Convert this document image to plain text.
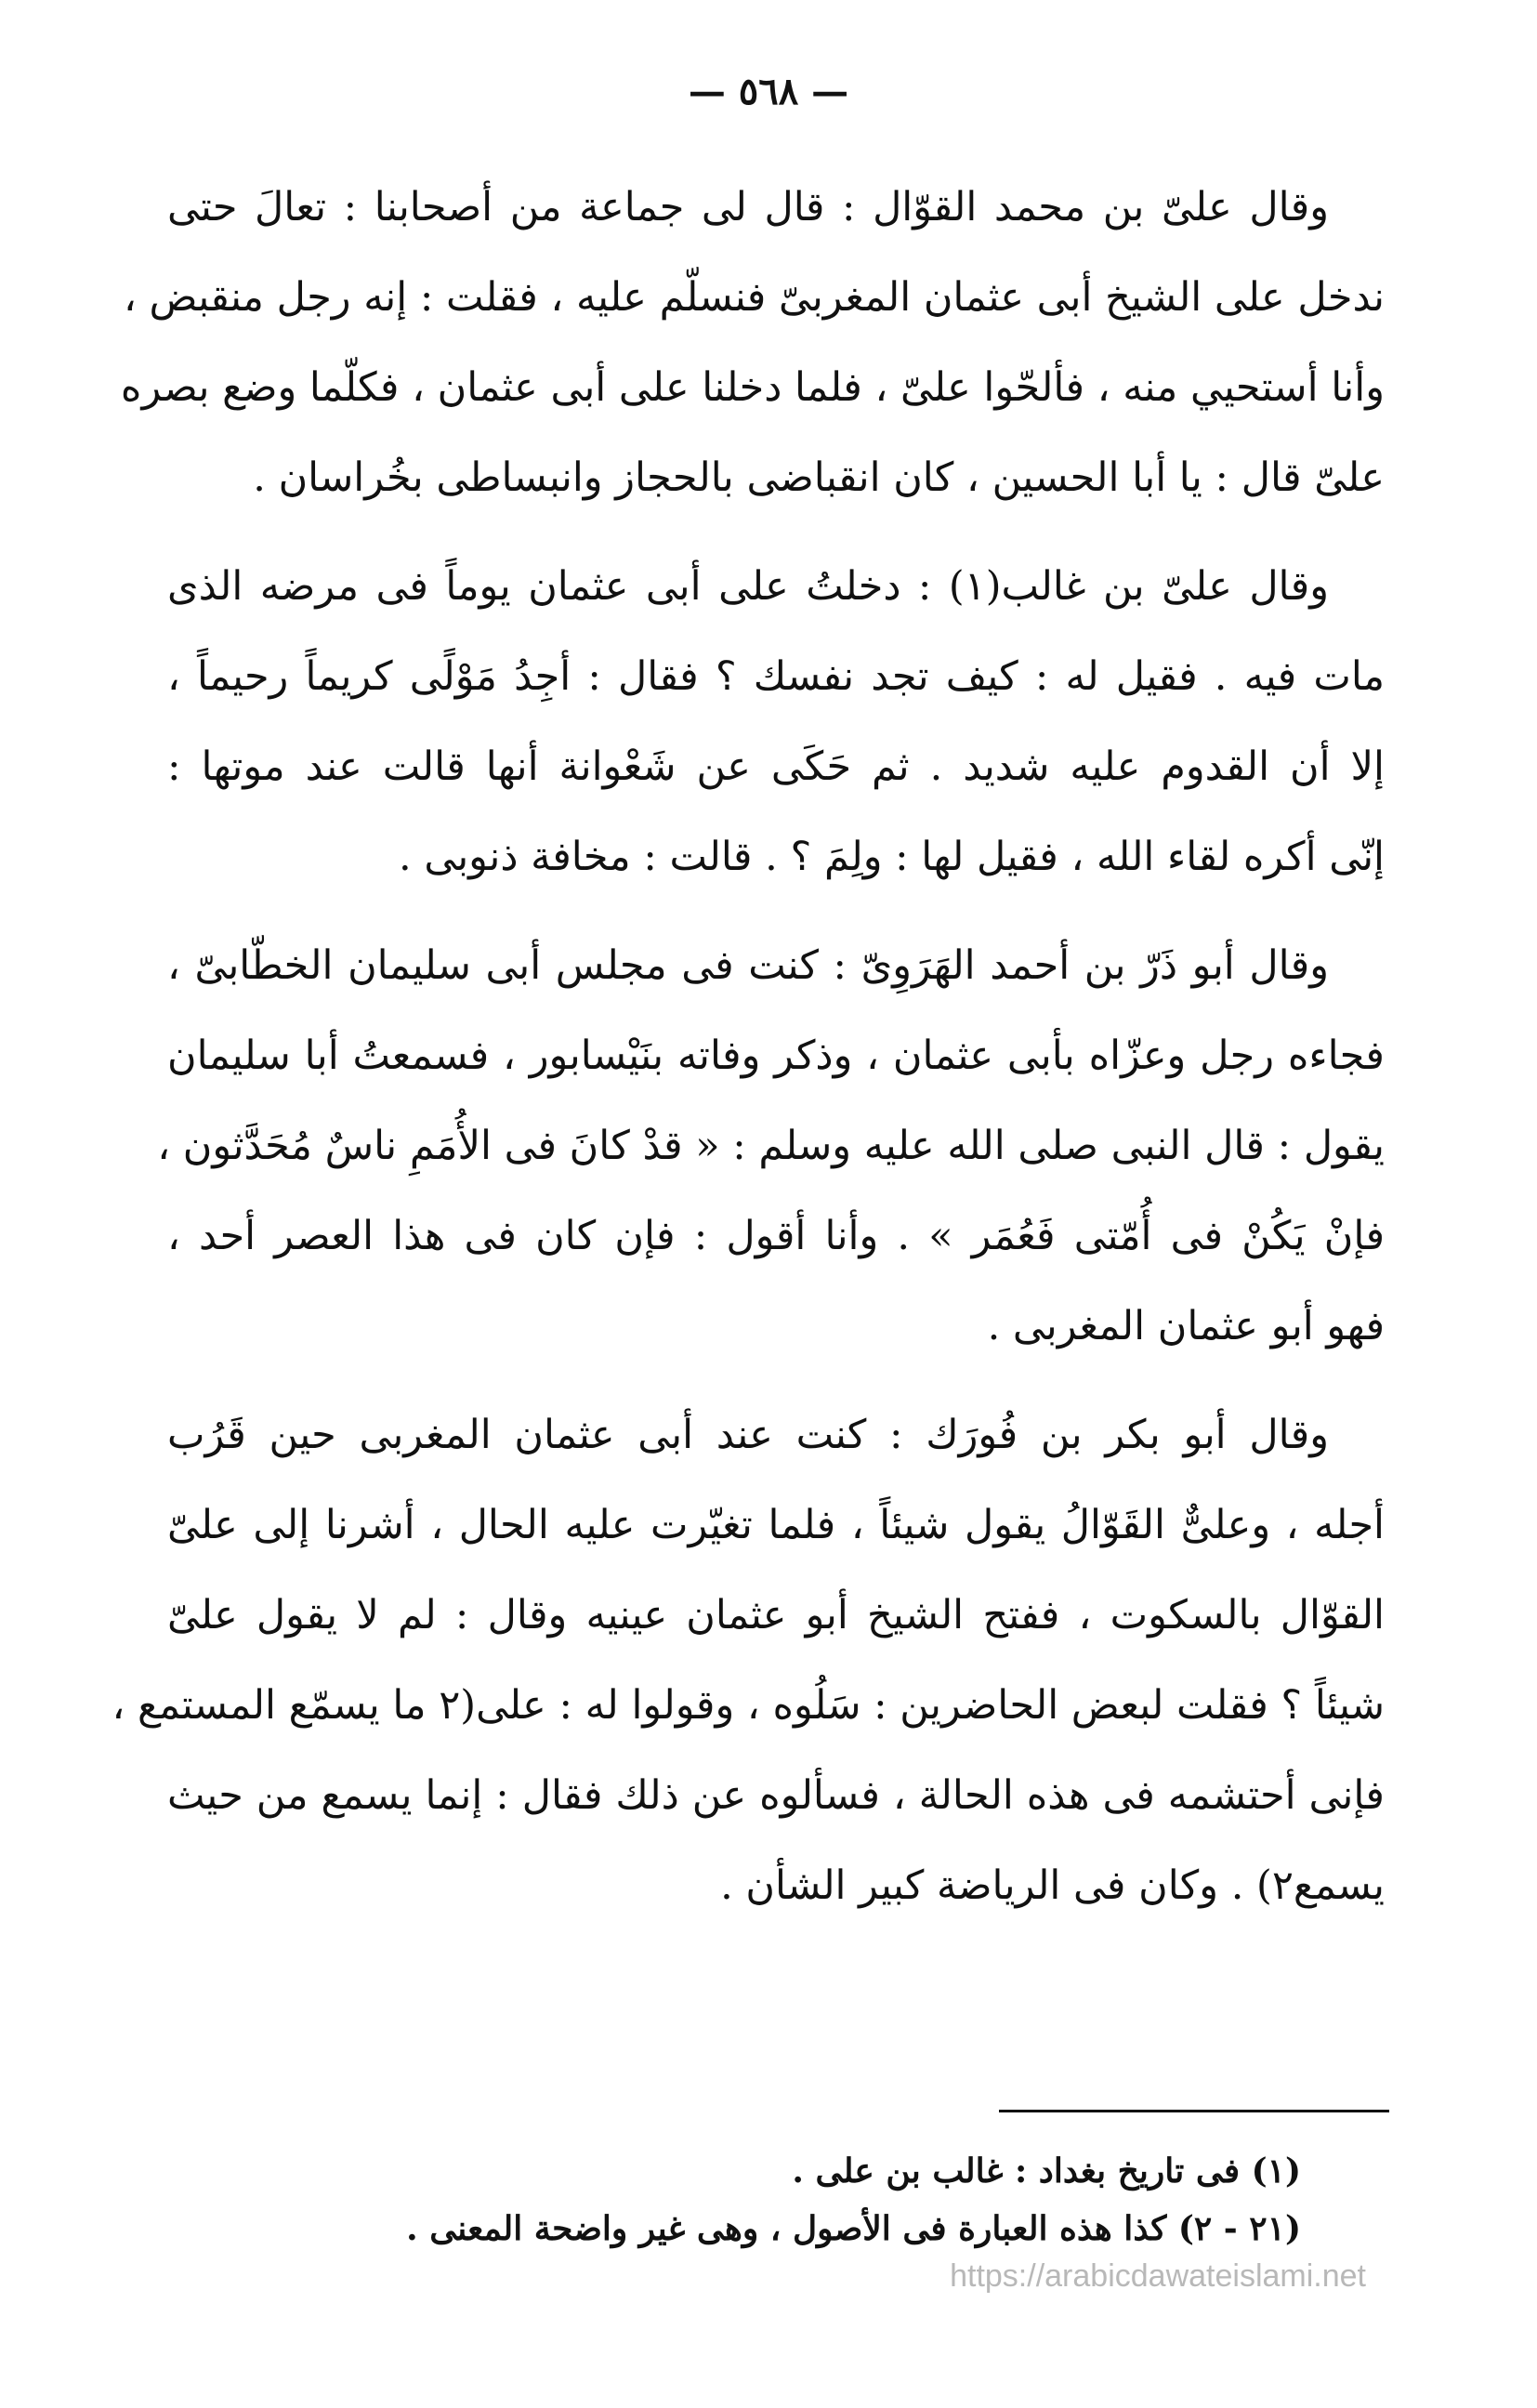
— ٥٦٨ —
وقال علىّ بن محمد القوّال : قال لى جماعة من أصحابنا : تعالَ حتى
ندخل على الشيخ أبى عثمان المغربىّ فنسلّم عليه ، فقلت : إنه رجل منقبض ،
وأنا أستحيي منه ، فألحّوا علىّ ، فلما دخلنا على أبى عثمان ، فكلّما وضع بصره
علىّ قال : يا أبا الحسين ، كان انقباضى بالحجاز وانبساطى بخُراسان .
وقال علىّ بن غالب(١) : دخلتُ على أبى عثمان يوماً فى مرضه الذى
مات فيه . فقيل له : كيف تجد نفسك ؟ فقال : أجِدُ مَوْلًى كريماً رحيماً ،
إلا أن القدوم عليه شديد . ثم حَكَى عن شَعْوانة أنها قالت عند موتها :
إنّى أكره لقاء الله ، فقيل لها : ولِمَ ؟ . قالت : مخافة ذنوبى .
وقال أبو ذَرّ بن أحمد الهَرَوِىّ : كنت فى مجلس أبى سليمان الخطّابىّ ،
فجاءه رجل وعزّاه بأبى عثمان ، وذكر وفاته بنَيْسابور ، فسمعتُ أبا سليمان
يقول : قال النبى صلى الله عليه وسلم : « قدْ كانَ فى الأُمَمِ ناسٌ مُحَدَّثون ،
فإنْ يَكُنْ فى أُمّتى فَعُمَر » . وأنا أقول : فإن كان فى هذا العصر أحد ،
فهو أبو عثمان المغربى .
وقال أبو بكر بن فُورَك : كنت عند أبى عثمان المغربى حين قَرُب
أجله ، وعلىٌّ القَوّالُ يقول شيئاً ، فلما تغيّرت عليه الحال ، أشرنا إلى علىّ
القوّال بالسكوت ، ففتح الشيخ أبو عثمان عينيه وقال : لم لا يقول علىّ
شيئاً ؟ فقلت لبعض الحاضرين : سَلُوه ، وقولوا له : على(٢ ما يسمّع المستمع ،
فإنى أحتشمه فى هذه الحالة ، فسألوه عن ذلك فقال : إنما يسمع من حيث
يسمع٢) . وكان فى الرياضة كبير الشأن .
(١) فى تاريخ بغداد : غالب بن على .
(٢١ - ٢) كذا هذه العبارة فى الأصول ، وهى غير واضحة المعنى .
https://arabicdawateislami.net
